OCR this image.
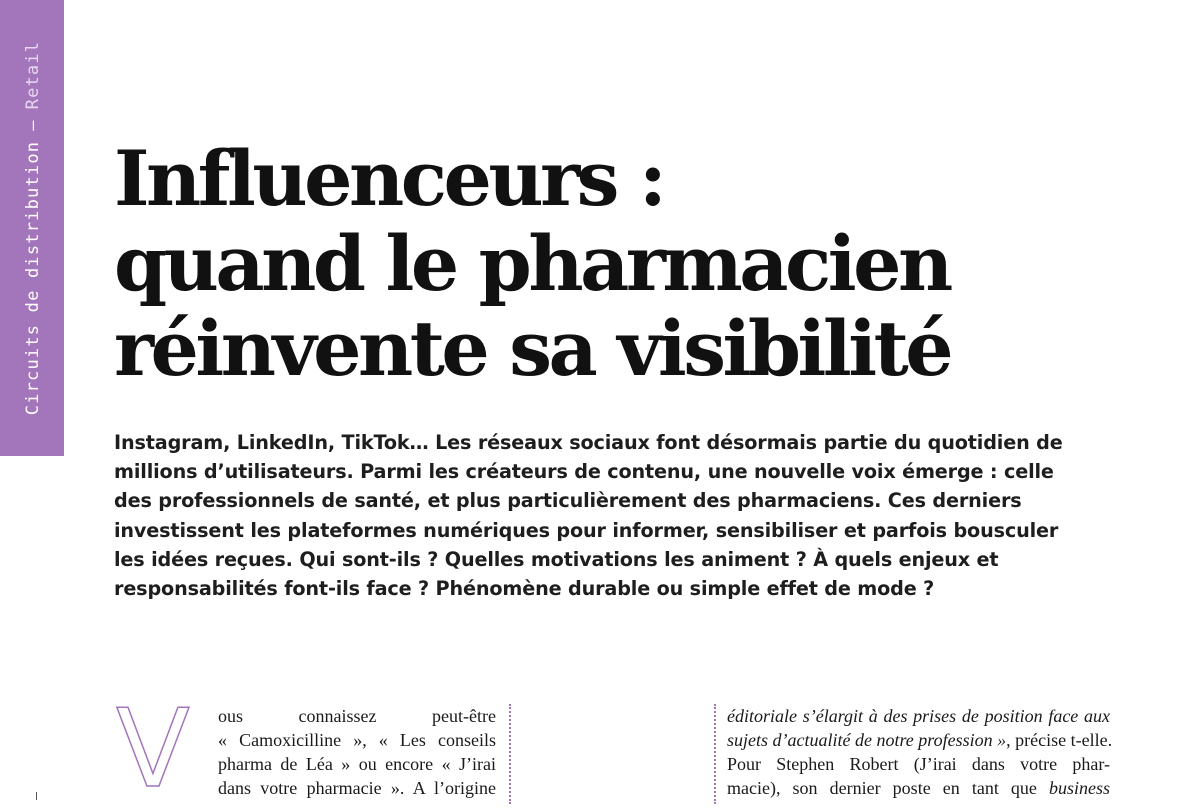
Circuits de distribution—Retail
Influenceurs :
quand le pharmacien
réinvente sa visibilité

Instagram, LinkedIn, TikTok… Les réseaux sociaux font désormais partie du quotidien de millions d’utilisateurs. Parmi les créateurs de contenu, une nouvelle voix émerge : celle des professionnels de santé, et plus particulièrement des pharmaciens. Ces derniers investissent les plateformes numériques pour informer, sensibiliser et parfois bousculer les idées reçues. Qui sont-ils ? Quelles motivations les animent ? À quels enjeux et responsabilités font-ils face ? Phénomène durable ou simple effet de mode ?

V ous connaissez peut-être
« Camoxicilline », « Les conseils
pharma de Léa » ou encore « J’irai
dans votre pharmacie ». A l’origine
éditoriale s’élargit à des prises de position face aux
sujets d’actualité de notre profession », précise t-elle.
Pour Stephen Robert (J’irai dans votre phar-
macie), son dernier poste en tant que business
